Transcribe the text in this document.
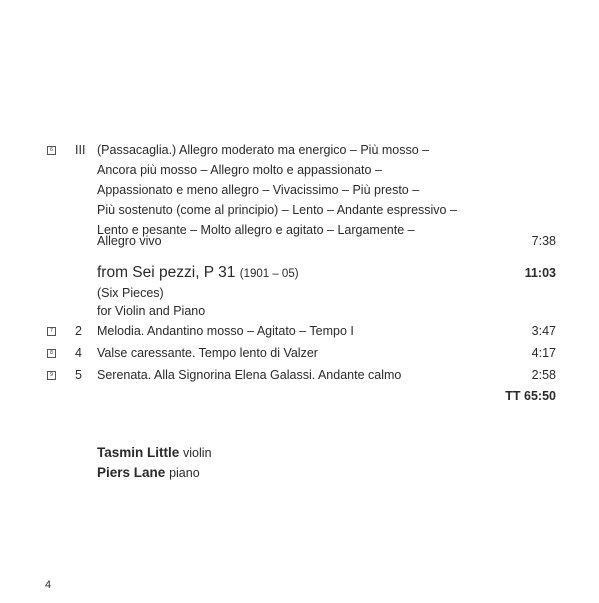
6 III (Passacaglia.) Allegro moderato ma energico – Più mosso –
Ancora più mosso – Allegro molto e appassionato –
Appassionato e meno allegro – Vivacissimo – Più presto –
Più sostenuto (come al principio) – Lento – Andante espressivo –
Lento e pesante – Molto allegro e agitato – Largamente –
Allegro vivo	7:38
from Sei pezzi, P 31 (1901 – 05)	11:03
(Six Pieces)
for Violin and Piano
7 2 Melodia. Andantino mosso – Agitato – Tempo I	3:47
8 4 Valse caressante. Tempo lento di Valzer	4:17
9 5 Serenata. Alla Signorina Elena Galassi. Andante calmo	2:58
TT 65:50
Tasmin Little violin
Piers Lane piano
4
